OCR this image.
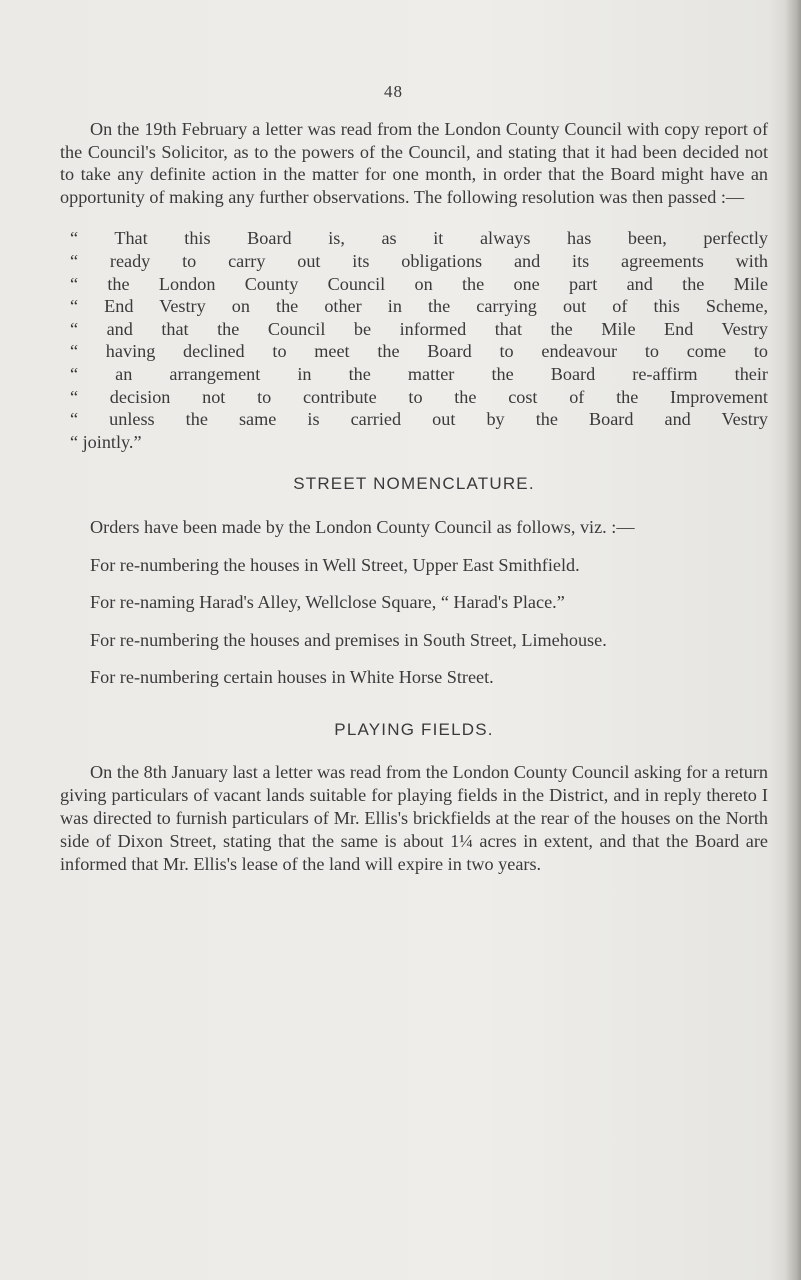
48

On the 19th February a letter was read from the London County Council with copy report of the Council's Solicitor, as to the powers of the Council, and stating that it had been decided not to take any definite action in the matter for one month, in order that the Board might have an opportunity of making any further observations. The following resolution was then passed :—

“ That this Board is, as it always has been, perfectly
“ ready to carry out its obligations and its agreements with
“ the London County Council on the one part and the Mile
“ End Vestry on the other in the carrying out of this Scheme,
“ and that the Council be informed that the Mile End Vestry
“ having declined to meet the Board to endeavour to come to
“ an arrangement in the matter the Board re-affirm their
“ decision not to contribute to the cost of the Improvement
“ unless the same is carried out by the Board and Vestry
“ jointly.”
STREET NOMENCLATURE.

Orders have been made by the London County Council as follows, viz. :—

For re-numbering the houses in Well Street, Upper East Smithfield.

For re-naming Harad's Alley, Wellclose Square, “ Harad's Place.”

For re-numbering the houses and premises in South Street, Limehouse.

For re-numbering certain houses in White Horse Street.

PLAYING FIELDS.

On the 8th January last a letter was read from the London County Council asking for a return giving particulars of vacant lands suitable for playing fields in the District, and in reply thereto I was directed to furnish particulars of Mr. Ellis's brickfields at the rear of the houses on the North side of Dixon Street, stating that the same is about 1¼ acres in extent, and that the Board are informed that Mr. Ellis's lease of the land will expire in two years.
